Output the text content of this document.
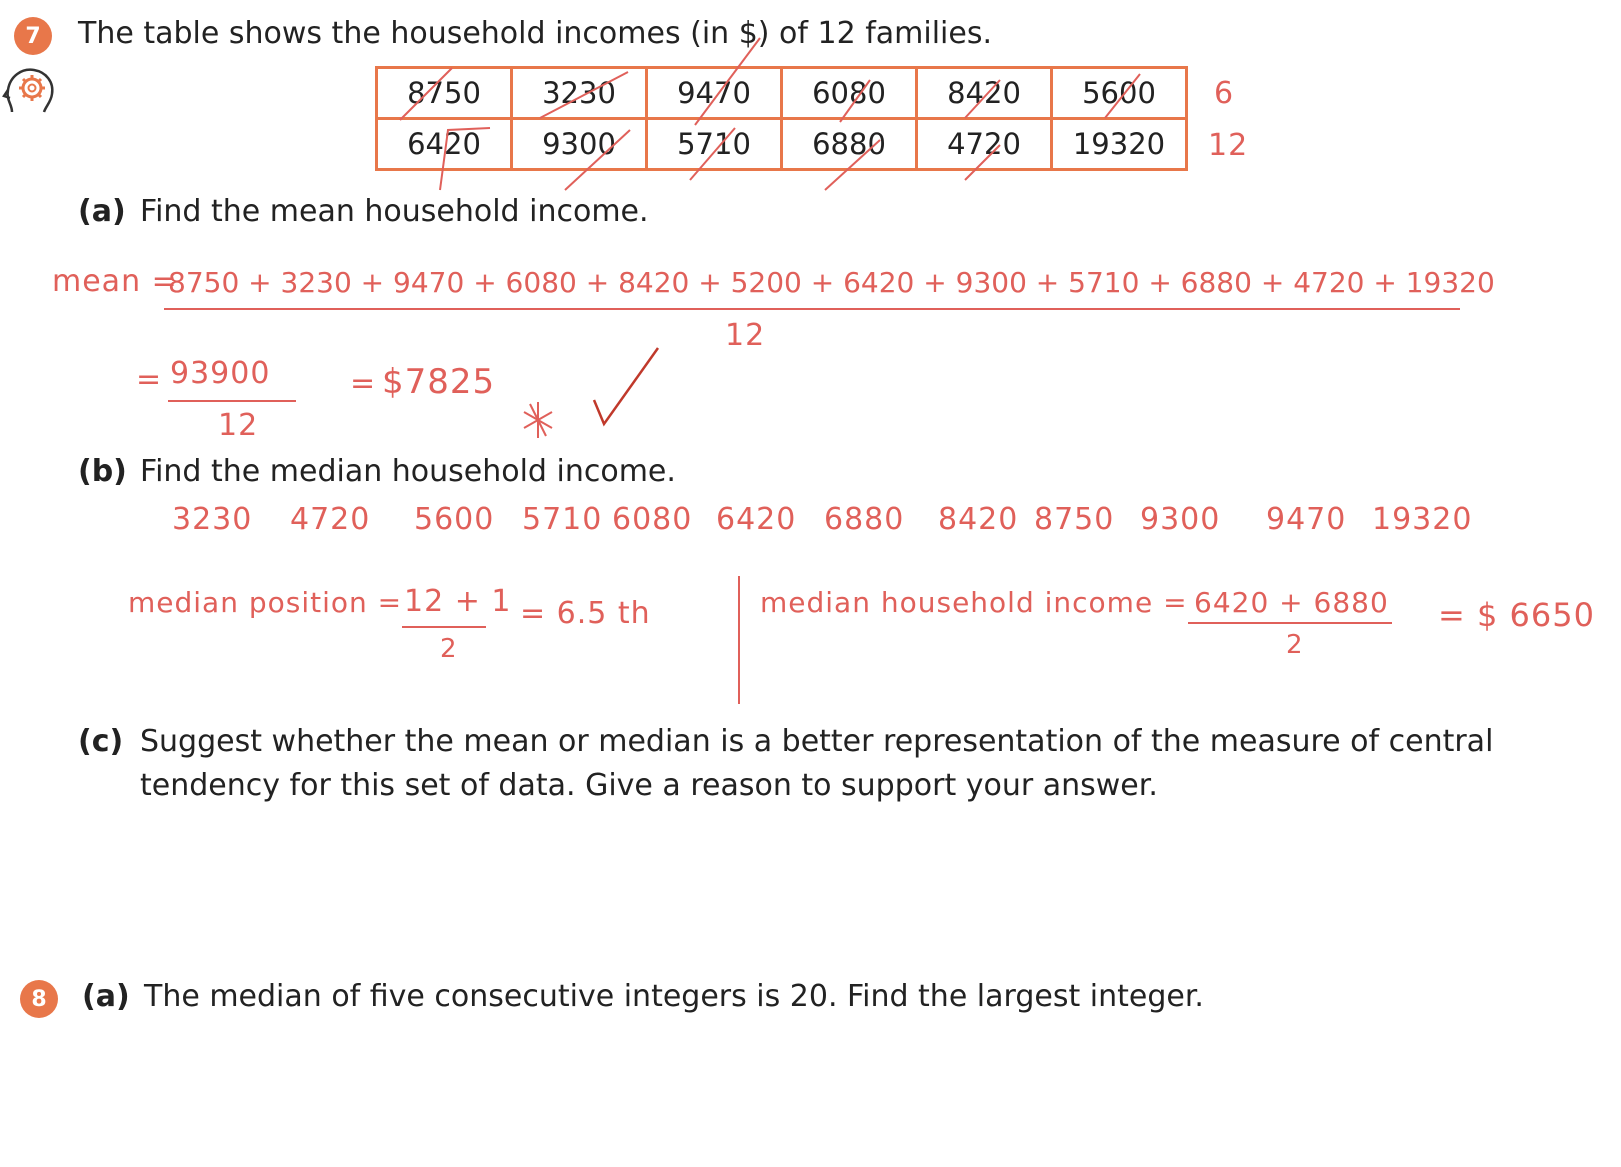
7	The table shows the household incomes (in $) of 12 families.
8750	3230	9470	6080	8420	5600
6420	9300	5710	6880	4720	19320
6
12
(a) Find the mean household income.
mean =
8750 + 3230 + 9470 + 6080 + 8420 + 5200 + 6420 + 9300 + 5710 + 6880 + 4720 + 19320
12
= 93900
12
= $7825
(b) Find the median household income.
3230 4720 5600 5710 6080 6420 6880 8420 8750 9300 9470 19320
median position = 12 + 1
2
= 6.5 th	median household income = 6420 + 6880
2
= $ 6650
(c) Suggest whether the mean or median is a better representation of the measure of central
tendency for this set of data. Give a reason to support your answer.
8	(a) The median of five consecutive integers is 20. Find the largest integer.
